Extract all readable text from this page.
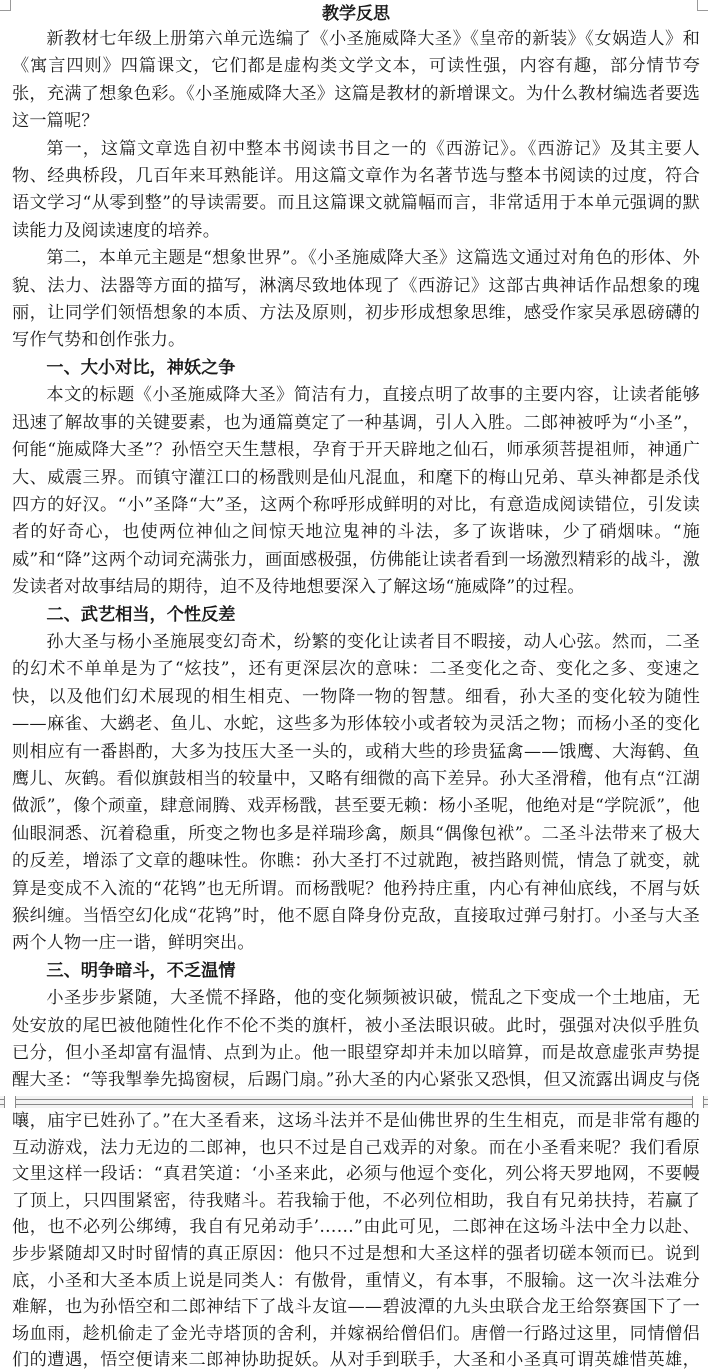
教学反思

新教材七年级上册第六单元选编了《小圣施威降大圣》《皇帝的新装》《女娲造人》和《寓言四则》四篇课文，它们都是虚构类文学文本，可读性强，内容有趣，部分情节夸张，充满了想象色彩。《小圣施威降大圣》这篇是教材的新增课文。为什么教材编选者要选这一篇呢？

第一，这篇文章选自初中整本书阅读书目之一的《西游记》。《西游记》及其主要人物、经典桥段，几百年来耳熟能详。用这篇文章作为名著节选与整本书阅读的过度，符合语文学习“从零到整”的导读需要。而且这篇课文就篇幅而言，非常适用于本单元强调的默读能力及阅读速度的培养。

第二，本单元主题是“想象世界”。《小圣施威降大圣》这篇选文通过对角色的形体、外貌、法力、法器等方面的描写，淋漓尽致地体现了《西游记》这部古典神话作品想象的瑰丽，让同学们领悟想象的本质、方法及原则，初步形成想象思维，感受作家吴承恩磅礴的写作气势和创作张力。

一、大小对比，神妖之争

本文的标题《小圣施威降大圣》简洁有力，直接点明了故事的主要内容，让读者能够迅速了解故事的关键要素，也为通篇奠定了一种基调，引人入胜。二郎神被呼为“小圣”，何能“施威降大圣”？孙悟空天生慧根，孕育于开天辟地之仙石，师承须菩提祖师，神通广大、威震三界。而镇守灌江口的杨戬则是仙凡混血，和麾下的梅山兄弟、草头神都是杀伐四方的好汉。“小”圣降“大”圣，这两个称呼形成鲜明的对比，有意造成阅读错位，引发读者的好奇心，也使两位神仙之间惊天地泣鬼神的斗法，多了诙谐味，少了硝烟味。“施威”和“降”这两个动词充满张力，画面感极强，仿佛能让读者看到一场激烈精彩的战斗，激发读者对故事结局的期待，迫不及待地想要深入了解这场“施威降”的过程。

二、武艺相当，个性反差

孙大圣与杨小圣施展变幻奇术，纷繁的变化让读者目不暇接，动人心弦。然而，二圣的幻术不单单是为了“炫技”，还有更深层次的意味：二圣变化之奇、变化之多、变速之快，以及他们幻术展现的相生相克、一物降一物的智慧。细看，孙大圣的变化较为随性——麻雀、大鹚老、鱼儿、水蛇，这些多为形体较小或者较为灵活之物；而杨小圣的变化则相应有一番斟酌，大多为技压大圣一头的，或稍大些的珍贵猛禽——饿鹰、大海鹤、鱼鹰儿、灰鹤。看似旗鼓相当的较量中，又略有细微的高下差异。孙大圣滑稽，他有点“江湖做派”，像个顽童，肆意闹腾、戏弄杨戬，甚至要无赖：杨小圣呢，他绝对是“学院派”，他仙眼洞悉、沉着稳重，所变之物也多是祥瑞珍禽，颇具“偶像包袱”。二圣斗法带来了极大的反差，增添了文章的趣味性。你瞧：孙大圣打不过就跑，被挡路则慌，情急了就变，就算是变成不入流的“花鸨”也无所谓。而杨戬呢？他矜持庄重，内心有神仙底线，不屑与妖猴纠缠。当悟空幻化成“花鸨”时，他不愿自降身份克敌，直接取过弹弓射打。小圣与大圣两个人物一庄一谐，鲜明突出。

三、明争暗斗，不乏温情

小圣步步紧随，大圣慌不择路，他的变化频频被识破，慌乱之下变成一个土地庙，无处安放的尾巴被他随性化作不伦不类的旗杆，被小圣法眼识破。此时，强强对决似乎胜负已分，但小圣却富有温情、点到为止。他一眼望穿却并未加以暗算，而是故意虚张声势提醒大圣：“等我掣拳先捣窗棂，后踢门扇。”孙大圣的内心紧张又恐惧，但又流露出调皮与侥

嚷，庙宇已姓孙了。”在大圣看来，这场斗法并不是仙佛世界的生生相克，而是非常有趣的互动游戏，法力无边的二郎神，也只不过是自己戏弄的对象。而在小圣看来呢？我们看原文里这样一段话：“真君笑道：‘小圣来此，必须与他逗个变化，列公将天罗地网，不要幔了顶上，只四围紧密，待我赌斗。若我输于他，不必列位相助，我自有兄弟扶持，若赢了他，也不必列公绑缚，我自有兄弟动手’……”由此可见，二郎神在这场斗法中全力以赴、步步紧随却又时时留情的真正原因：他只不过是想和大圣这样的强者切磋本领而已。说到底，小圣和大圣本质上说是同类人：有傲骨，重情义，有本事，不服输。这一次斗法难分难解，也为孙悟空和二郎神结下了战斗友谊——碧波潭的九头虫联合龙王给祭赛国下了一场血雨，趁机偷走了金光寺塔顶的舍利，并嫁祸给僧侣们。唐僧一行路过这里，同情僧侣们的遭遇，悟空便请来二郎神协助捉妖。从对手到联手，大圣和小圣真可谓英雄惜英雄，
